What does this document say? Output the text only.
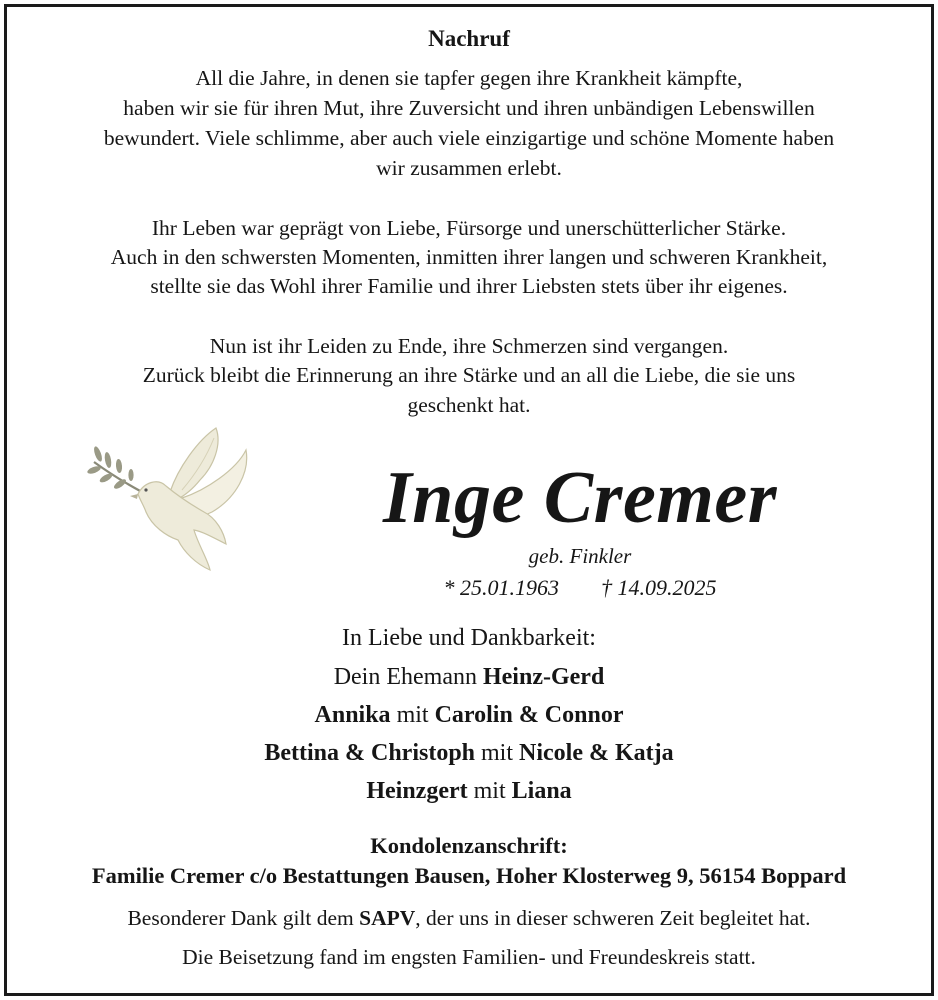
Nachruf
All die Jahre, in denen sie tapfer gegen ihre Krankheit kämpfte,
haben wir sie für ihren Mut, ihre Zuversicht und ihren unbändigen Lebenswillen
bewundert. Viele schlimme, aber auch viele einzigartige und schöne Momente haben
wir zusammen erlebt.
Ihr Leben war geprägt von Liebe, Fürsorge und unerschütterlicher Stärke.
Auch in den schwersten Momenten, inmitten ihrer langen und schweren Krankheit,
stellte sie das Wohl ihrer Familie und ihrer Liebsten stets über ihr eigenes.
Nun ist ihr Leiden zu Ende, ihre Schmerzen sind vergangen.
Zurück bleibt die Erinnerung an ihre Stärke und an all die Liebe, die sie uns
geschenkt hat.
Inge Cremer
geb. Finkler
* 25.01.1963 † 14.09.2025
In Liebe und Dankbarkeit:
Dein Ehemann Heinz-Gerd
Annika mit Carolin & Connor
Bettina & Christoph mit Nicole & Katja
Heinzgert mit Liana
Kondolenzanschrift:
Familie Cremer c/o Bestattungen Bausen, Hoher Klosterweg 9, 56154 Boppard
Besonderer Dank gilt dem SAPV, der uns in dieser schweren Zeit begleitet hat.
Die Beisetzung fand im engsten Familien- und Freundeskreis statt.
